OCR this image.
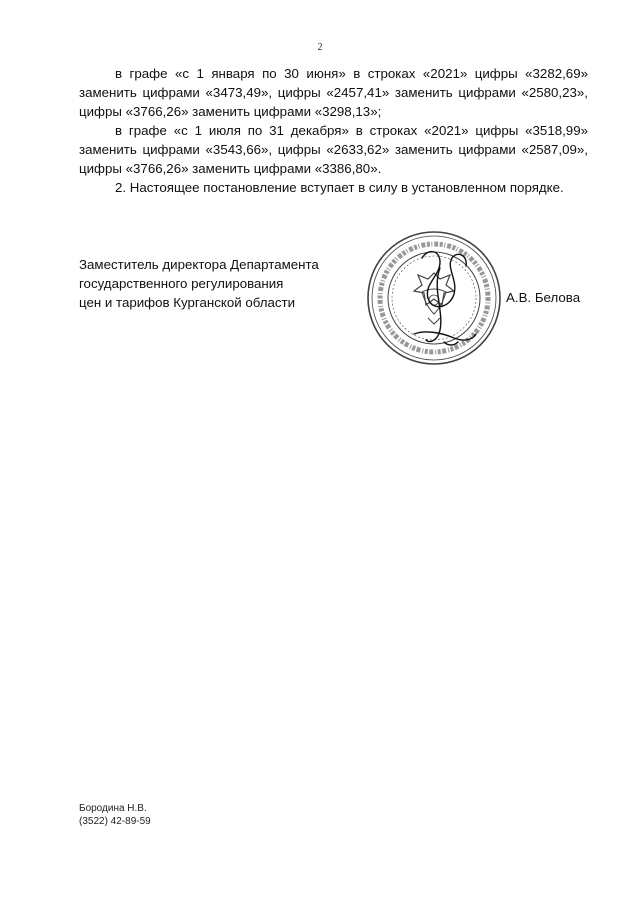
2

в графе «с 1 января по 30 июня» в строках «2021» цифры «3282,69» заменить цифрами «3473,49», цифры «2457,41» заменить цифрами «2580,23», цифры «3766,26» заменить цифрами «3298,13»;

в графе «с 1 июля по 31 декабря» в строках «2021» цифры «3518,99» заменить цифрами «3543,66», цифры «2633,62» заменить цифрами «2587,09», цифры «3766,26» заменить цифрами «3386,80».

2. Настоящее постановление вступает в силу в установленном порядке.

Заместитель директора Департамента
государственного регулирования
цен и тарифов Курганской области	А.В. Белова
Бородина Н.В.
(3522) 42-89-59
